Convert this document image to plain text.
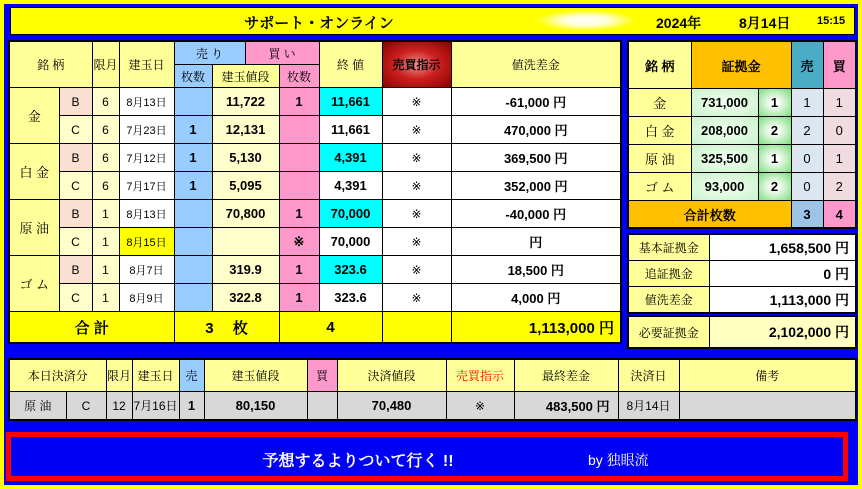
サポート・オンライン	2024年	8月14日 15:15
銘 柄		限月	建玉日	売 り		買 い		終 値	売買指示	値洗差金
				枚数	建玉値段		枚数			
金	B	6	8月13日		11,722		1	11,661	※	-61,000 円
	C	6	7月23日	1	12,131			11,661	※	470,000 円
白 金	B	6	7月12日	1	5,130			4,391	※	369,500 円
	C	6	7月17日	1	5,095			4,391	※	352,000 円
原 油	B	1	8月13日		70,800		1	70,000	※	-40,000 円
	C	1	8月15日				※	70,000	※	円
ゴ ム	B	1	8月7日		319.9		1	323.6	※	18,500 円
	C	1	8月9日		322.8		1	323.6	※	4,000 円
合 計				3　 枚			4			1,113,000 円
銘 柄	証拠金		売	買
金	731,000	1	1	1
白 金	208,000	2	2	0
原 油	325,500	1	0	1
ゴ ム	93,000	2	0	2
合計枚数			3	4
基本証拠金	1,658,500 円
追証拠金	0 円
値洗差金	1,113,000 円
必要証拠金	2,102,000 円
本日決済分		限月	建玉日	売	建玉値段	買	決済値段	売買指示	最終差金	決済日	備考
原 油	C	12	7月16日	1	80,150		70,480	※	483,500 円	8月14日	
予想するよりついて行く !!	by 独眼流
